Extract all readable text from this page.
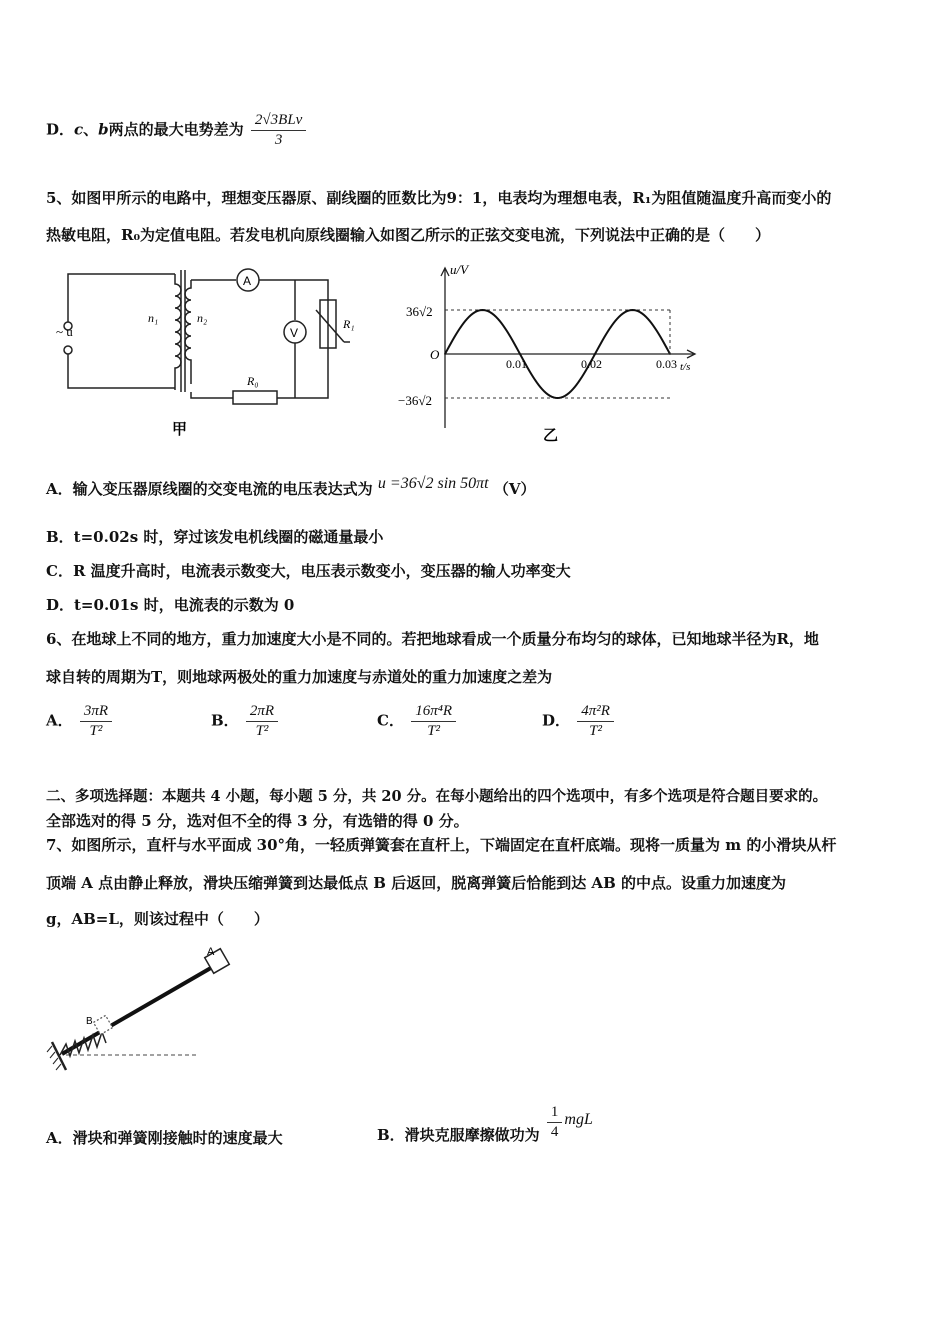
D．c、b两点的最大电势差为 $\frac{\text{2√3BLv}}{3}$
5、如图甲所示的电路中，理想变压器原、副线圈的匝数比为9：1，电表均为理想电表，R₁为阻值随温度升高而变小的
热敏电阻，R₀为定值电阻。若发电机向原线圈输入如图乙所示的正弦交变电流，下列说法中正确的是（　　）
~ u
n₁	n₂
A
V
R₁
R₀
甲
0.01	0.02	0.03
u/V
t/s
O
36√2
−36√2
乙
A．输入变压器原线圈的交变电流的电压表达式为 u =36√2 sin 50πt （V）
B．t=0.02s 时，穿过该发电机线圈的磁通量最小
C．R 温度升高时，电流表示数变大，电压表示数变小，变压器的输人功率变大
D．t=0.01s 时，电流表的示数为 0
6、在地球上不同的地方，重力加速度大小是不同的。若把地球看成一个质量分布均匀的球体，已知地球半径为R，地
球自转的周期为T，则地球两极处的重力加速度与赤道处的重力加速度之差为
A． $\frac{3\pi R}{\text{T²}}$	B． $\frac{2\pi R}{\text{T²}}$	C． $\frac{\text{16π⁴R}}{\text{T²}}$	D． $\frac{\text{4π²R}}{\text{T²}}$
二、多项选择题：本题共 4 小题，每小题 5 分，共 20 分。在每小题给出的四个选项中，有多个选项是符合题目要求的。
全部选对的得 5 分，选对但不全的得 3 分，有选错的得 0 分。
7、如图所示，直杆与水平面成 30°角，一轻质弹簧套在直杆上，下端固定在直杆底端。现将一质量为 m 的小滑块从杆
顶端 A 点由静止释放，滑块压缩弹簧到达最低点 B 后返回，脱离弹簧后恰能到达 AB 的中点。设重力加速度为
g，AB=L，则该过程中（　　）
A
B
A．滑块和弹簧刚接触时的速度最大	B．滑块克服摩擦做功为 $\frac{1}{4}$ mgL
